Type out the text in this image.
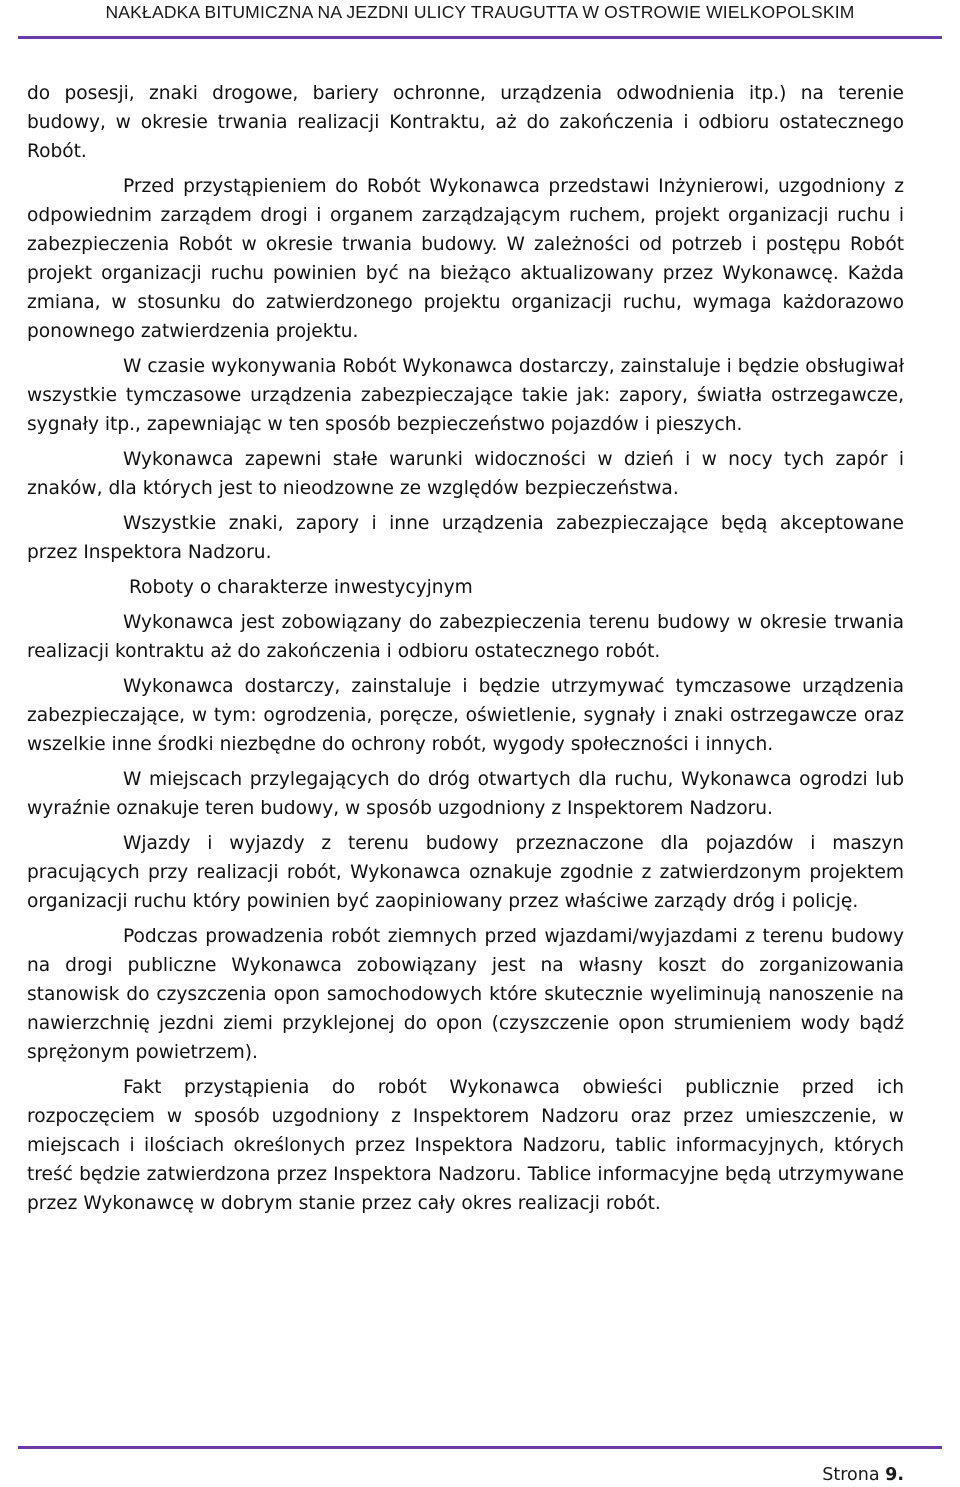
NAKŁADKA BITUMICZNA NA JEZDNI ULICY TRAUGUTTA W OSTROWIE WIELKOPOLSKIM

do posesji, znaki drogowe, bariery ochronne, urządzenia odwodnienia itp.) na terenie budowy, w okresie trwania realizacji Kontraktu, aż do zakończenia i odbioru ostatecznego Robót.

Przed przystąpieniem do Robót Wykonawca przedstawi Inżynierowi, uzgodniony z odpowiednim zarządem drogi i organem zarządzającym ruchem, projekt organizacji ruchu i zabezpieczenia Robót w okresie trwania budowy. W zależności od potrzeb i postępu Robót projekt organizacji ruchu powinien być na bieżąco aktualizowany przez Wykonawcę. Każda zmiana, w stosunku do zatwierdzonego projektu organizacji ruchu, wymaga każdorazowo ponownego zatwierdzenia projektu.

W czasie wykonywania Robót Wykonawca dostarczy, zainstaluje i będzie obsługiwał wszystkie tymczasowe urządzenia zabezpieczające takie jak: zapory, światła ostrzegawcze, sygnały itp., zapewniając w ten sposób bezpieczeństwo pojazdów i pieszych.

Wykonawca zapewni stałe warunki widoczności w dzień i w nocy tych zapór i znaków, dla których jest to nieodzowne ze względów bezpieczeństwa.

Wszystkie znaki, zapory i inne urządzenia zabezpieczające będą akceptowane przez Inspektora Nadzoru.

Roboty o charakterze inwestycyjnym

Wykonawca jest zobowiązany do zabezpieczenia terenu budowy w okresie trwania realizacji kontraktu aż do zakończenia i odbioru ostatecznego robót.

Wykonawca dostarczy, zainstaluje i będzie utrzymywać tymczasowe urządzenia zabezpieczające, w tym: ogrodzenia, poręcze, oświetlenie, sygnały i znaki ostrzegawcze oraz wszelkie inne środki niezbędne do ochrony robót, wygody społeczności i innych.

W miejscach przylegających do dróg otwartych dla ruchu, Wykonawca ogrodzi lub wyraźnie oznakuje teren budowy, w sposób uzgodniony z Inspektorem Nadzoru.

Wjazdy i wyjazdy z terenu budowy przeznaczone dla pojazdów i maszyn pracujących przy realizacji robót, Wykonawca oznakuje zgodnie z zatwierdzonym projektem organizacji ruchu który powinien być zaopiniowany przez właściwe zarządy dróg i policję.

Podczas prowadzenia robót ziemnych przed wjazdami/wyjazdami z terenu budowy na drogi publiczne Wykonawca zobowiązany jest na własny koszt do zorganizowania stanowisk do czyszczenia opon samochodowych które skutecznie wyeliminują nanoszenie na nawierzchnię jezdni ziemi przyklejonej do opon (czyszczenie opon strumieniem wody bądź sprężonym powietrzem).

Fakt przystąpienia do robót Wykonawca obwieści publicznie przed ich rozpoczęciem w sposób uzgodniony z Inspektorem Nadzoru oraz przez umieszczenie, w miejscach i ilościach określonych przez Inspektora Nadzoru, tablic informacyjnych, których treść będzie zatwierdzona przez Inspektora Nadzoru. Tablice informacyjne będą utrzymywane przez Wykonawcę w dobrym stanie przez cały okres realizacji robót.

Strona 9.
